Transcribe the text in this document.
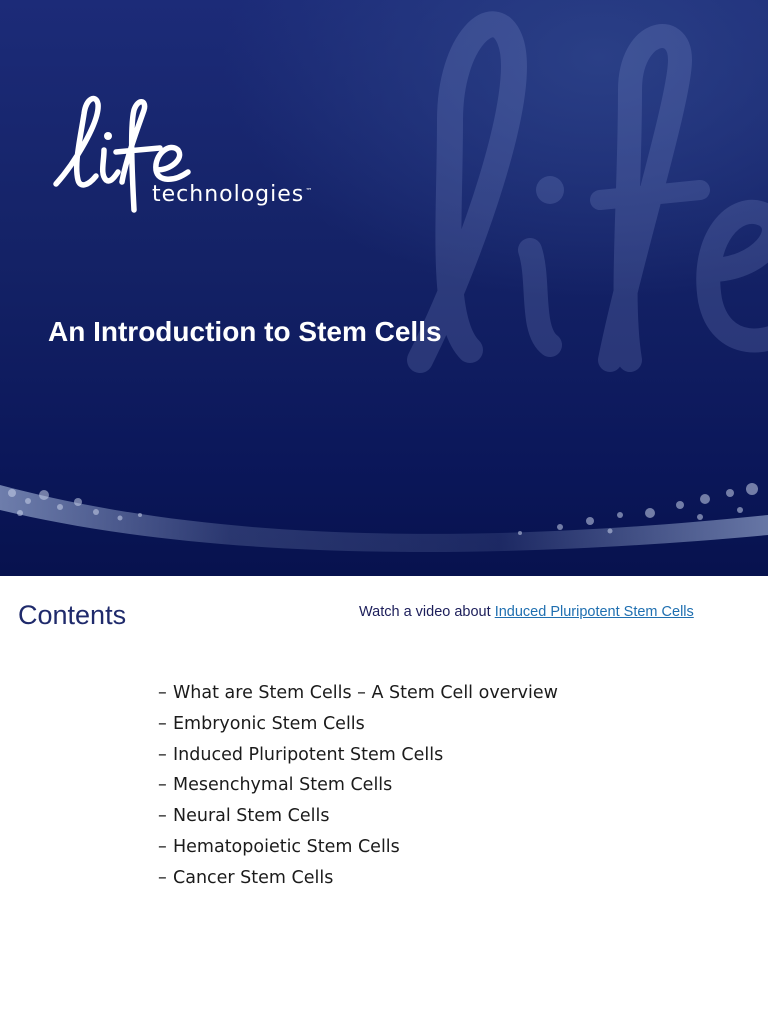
technologies™
An Introduction to Stem Cells
Contents	Watch a video about Induced Pluripotent Stem Cells
– What are Stem Cells – A Stem Cell overview
– Embryonic Stem Cells
– Induced Pluripotent Stem Cells
– Mesenchymal Stem Cells
– Neural Stem Cells
– Hematopoietic Stem Cells
– Cancer Stem Cells
